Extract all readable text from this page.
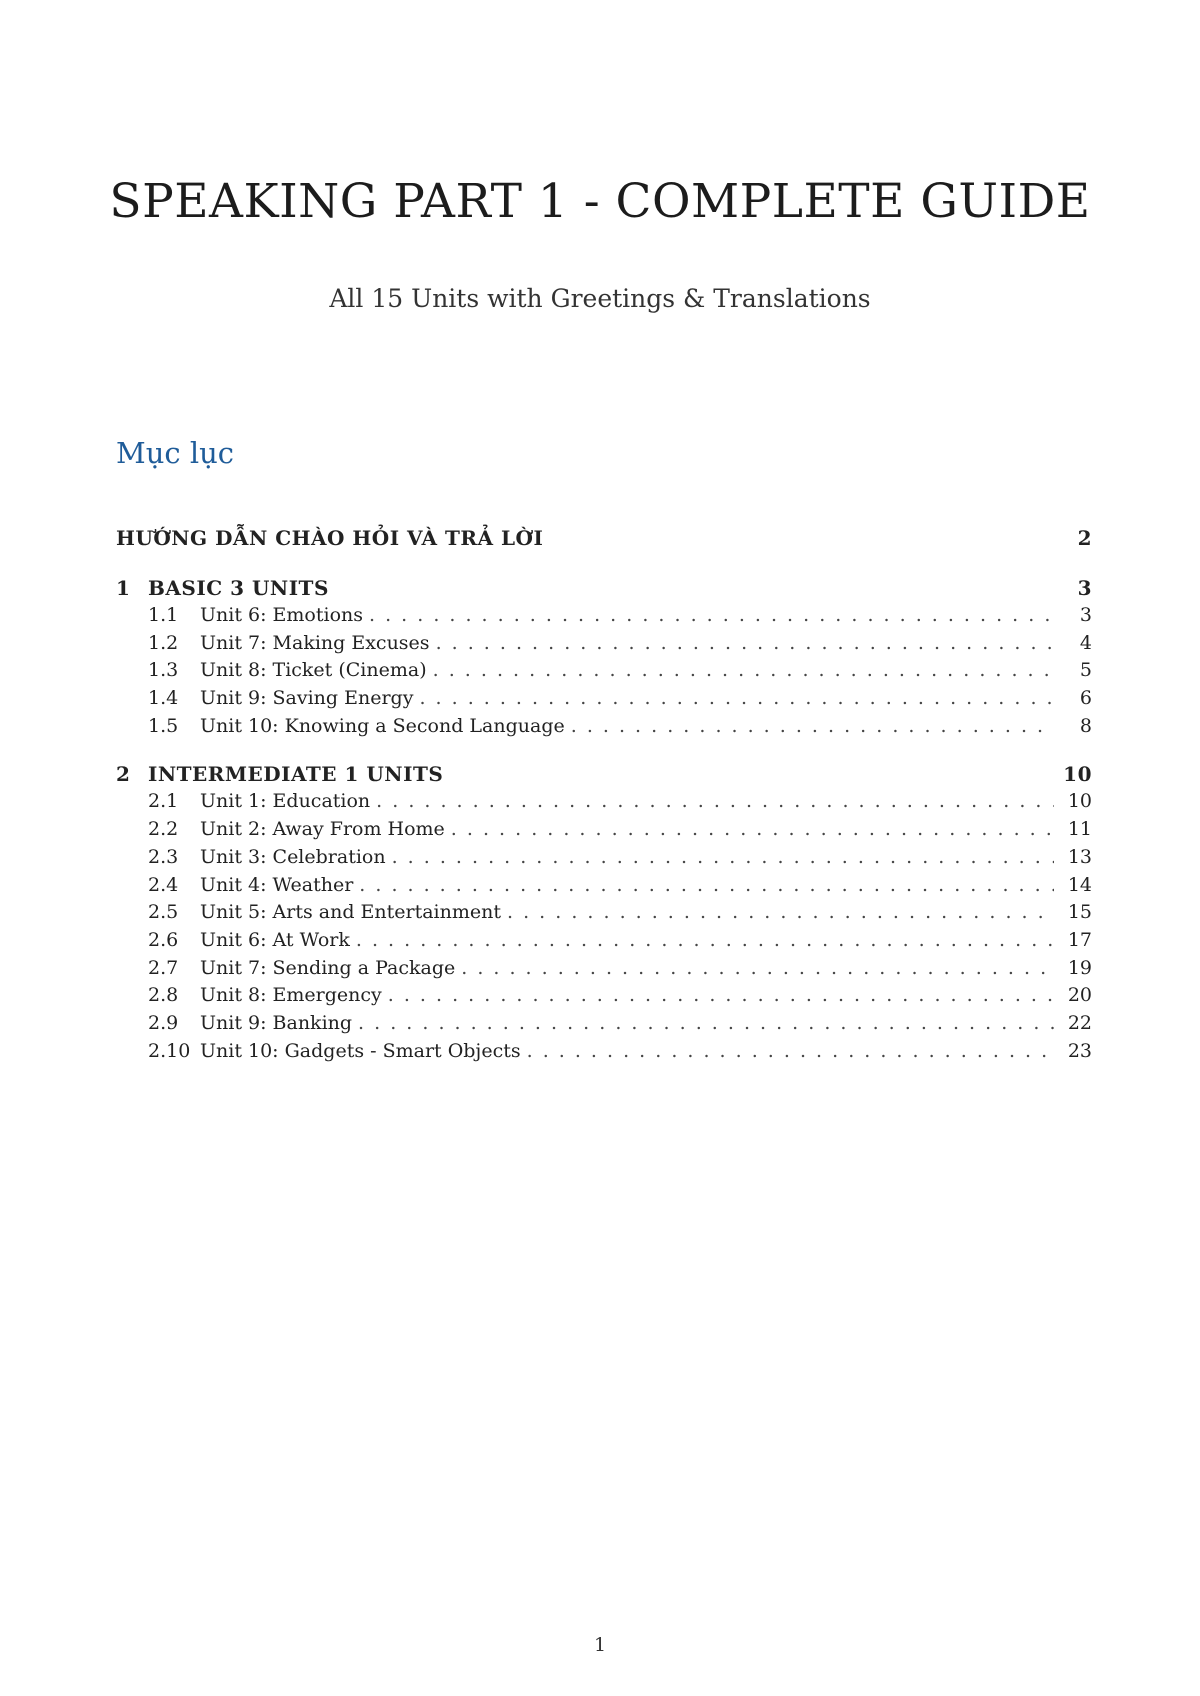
SPEAKING PART 1 - COMPLETE GUIDE
All 15 Units with Greetings & Translations
Mục lục
HƯỚNG DẪN CHÀO HỎI VÀ TRẢ LỜI	2
1 BASIC 3 UNITS	3
1.1	Unit 6: Emotions . . .	3
1.2	Unit 7: Making Excuses . . .	4
1.3	Unit 8: Ticket (Cinema) . . .	5
1.4	Unit 9: Saving Energy . . .	6
1.5	Unit 10: Knowing a Second Language . . .	8
2 INTERMEDIATE 1 UNITS	10
2.1	Unit 1: Education . . .	10
2.2	Unit 2: Away From Home . . .	11
2.3	Unit 3: Celebration . . .	13
2.4	Unit 4: Weather . . .	14
2.5	Unit 5: Arts and Entertainment . . .	15
2.6	Unit 6: At Work . . .	17
2.7	Unit 7: Sending a Package . . .	19
2.8	Unit 8: Emergency . . .	20
2.9	Unit 9: Banking . . .	22
2.10 Unit 10: Gadgets - Smart Objects . . .	23
1
